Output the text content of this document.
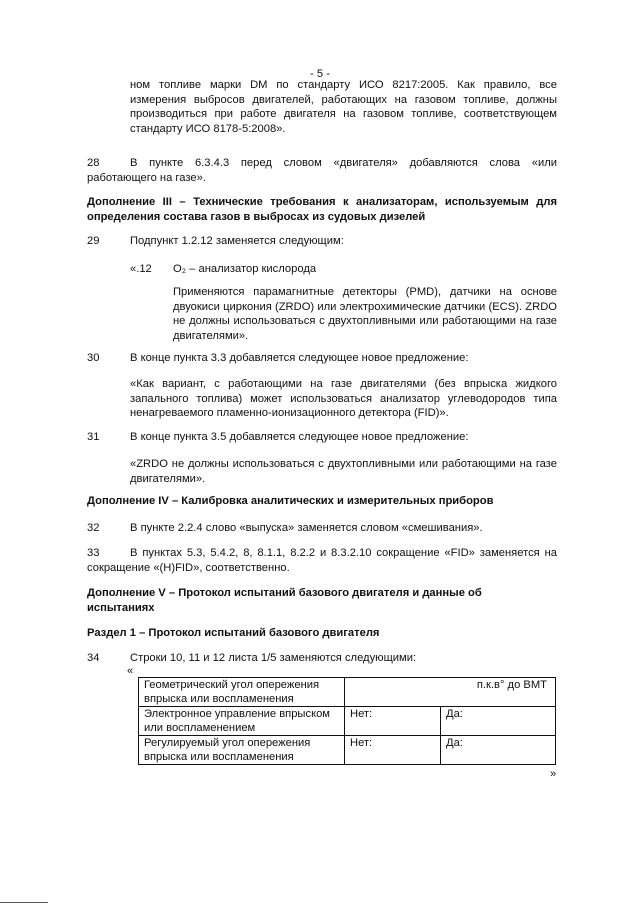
- 5 -
ном топливе марки DM по стандарту ИСО 8217:2005. Как правило, все измерения выбросов двигателей, работающих на газовом топливе, должны производиться при работе двигателя на газовом топливе, соответствующем стандарту ИСО 8178-5:2008».
28	В пункте 6.3.4.3 перед словом «двигателя» добавляются слова «или работающего на газе».
Дополнение III – Технические требования к анализаторам, используемым для определения состава газов в выбросах из судовых дизелей
29	Подпункт 1.2.12 заменяется следующим:
«.12 O₂ – анализатор кислорода
Применяются парамагнитные детекторы (PMD), датчики на основе двуокиси циркония (ZRDO) или электрохимические датчики (ECS). ZRDO не должны использоваться с двухтопливными или работающими на газе двигателями».
30	В конце пункта 3.3 добавляется следующее новое предложение:
«Как вариант, с работающими на газе двигателями (без впрыска жидкого запального топлива) может использоваться анализатор углеводородов типа ненагреваемого пламенно-ионизационного детектора (FID)».
31	В конце пункта 3.5 добавляется следующее новое предложение:
«ZRDO не должны использоваться с двухтопливными или работающими на газе двигателями».
Дополнение IV – Калибровка аналитических и измерительных приборов
32	В пункте 2.2.4 слово «выпуска» заменяется словом «смешивания».
33	В пунктах 5.3, 5.4.2, 8, 8.1.1, 8.2.2 и 8.3.2.10 сокращение «FID» заменяется на сокращение «(H)FID», соответственно.
Дополнение V – Протокол испытаний базового двигателя и данные об испытаниях
Раздел 1 – Протокол испытаний базового двигателя
34	Строки 10, 11 и 12 листа 1/5 заменяются следующими:
«
Геометрический угол опережения впрыска или воспламенения	п.к.в° до ВМТ	
Электронное управление впрыском или воспламенением	Нет:	Да:
Регулируемый угол опережения впрыска или воспламенения	Нет:	Да:
»
